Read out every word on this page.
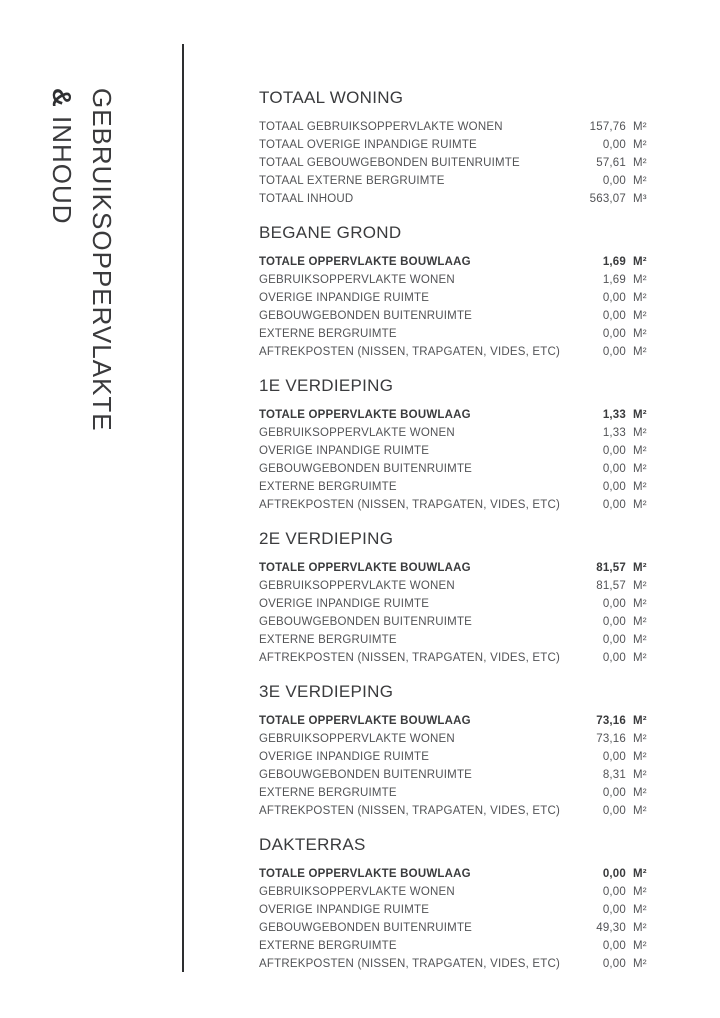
GEBRUIKSOPPERVLAKTE
& INHOUD
TOTAAL WONING
TOTAAL GEBRUIKSOPPERVLAKTE WONEN	157,76 M²
TOTAAL OVERIGE INPANDIGE RUIMTE	0,00 M²
TOTAAL GEBOUWGEBONDEN BUITENRUIMTE	57,61 M²
TOTAAL EXTERNE BERGRUIMTE	0,00 M²
TOTAAL INHOUD	563,07 M³
BEGANE GROND
TOTALE OPPERVLAKTE BOUWLAAG	1,69 M²
GEBRUIKSOPPERVLAKTE WONEN	1,69 M²
OVERIGE INPANDIGE RUIMTE	0,00 M²
GEBOUWGEBONDEN BUITENRUIMTE	0,00 M²
EXTERNE BERGRUIMTE	0,00 M²
AFTREKPOSTEN (NISSEN, TRAPGATEN, VIDES, ETC)	0,00 M²
1E VERDIEPING
TOTALE OPPERVLAKTE BOUWLAAG	1,33 M²
GEBRUIKSOPPERVLAKTE WONEN	1,33 M²
OVERIGE INPANDIGE RUIMTE	0,00 M²
GEBOUWGEBONDEN BUITENRUIMTE	0,00 M²
EXTERNE BERGRUIMTE	0,00 M²
AFTREKPOSTEN (NISSEN, TRAPGATEN, VIDES, ETC)	0,00 M²
2E VERDIEPING
TOTALE OPPERVLAKTE BOUWLAAG	81,57 M²
GEBRUIKSOPPERVLAKTE WONEN	81,57 M²
OVERIGE INPANDIGE RUIMTE	0,00 M²
GEBOUWGEBONDEN BUITENRUIMTE	0,00 M²
EXTERNE BERGRUIMTE	0,00 M²
AFTREKPOSTEN (NISSEN, TRAPGATEN, VIDES, ETC)	0,00 M²
3E VERDIEPING
TOTALE OPPERVLAKTE BOUWLAAG	73,16 M²
GEBRUIKSOPPERVLAKTE WONEN	73,16 M²
OVERIGE INPANDIGE RUIMTE	0,00 M²
GEBOUWGEBONDEN BUITENRUIMTE	8,31 M²
EXTERNE BERGRUIMTE	0,00 M²
AFTREKPOSTEN (NISSEN, TRAPGATEN, VIDES, ETC)	0,00 M²
DAKTERRAS
TOTALE OPPERVLAKTE BOUWLAAG	0,00 M²
GEBRUIKSOPPERVLAKTE WONEN	0,00 M²
OVERIGE INPANDIGE RUIMTE	0,00 M²
GEBOUWGEBONDEN BUITENRUIMTE	49,30 M²
EXTERNE BERGRUIMTE	0,00 M²
AFTREKPOSTEN (NISSEN, TRAPGATEN, VIDES, ETC)	0,00 M²
